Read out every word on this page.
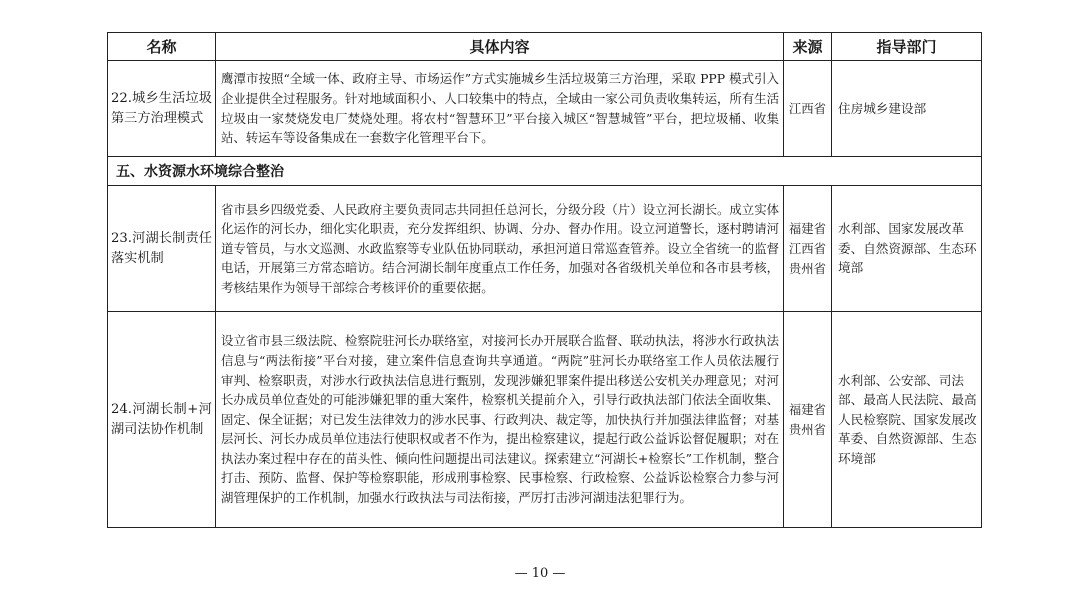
名称	具体内容	来源	指导部门
22.城乡生活垃圾第三方治理模式	鹰潭市按照“全域一体、政府主导、市场运作”方式实施城乡生活垃圾第三方治理，采取 PPP 模式引入企业提供全过程服务。针对地域面积小、人口较集中的特点，全域由一家公司负责收集转运，所有生活垃圾由一家焚烧发电厂焚烧处理。将农村“智慧环卫”平台接入城区“智慧城管”平台，把垃圾桶、收集站、转运车等设备集成在一套数字化管理平台下。	江西省	住房城乡建设部
五、水资源水环境综合整治			
23.河湖长制责任落实机制	省市县乡四级党委、人民政府主要负责同志共同担任总河长，分级分段（片）设立河长湖长。成立实体化运作的河长办，细化实化职责，充分发挥组织、协调、分办、督办作用。设立河道警长，逐村聘请河道专管员，与水文巡测、水政监察等专业队伍协同联动，承担河道日常巡查管养。设立全省统一的监督电话，开展第三方常态暗访。结合河湖长制年度重点工作任务，加强对各省级机关单位和各市县考核，考核结果作为领导干部综合考核评价的重要依据。	福建省江西省贵州省	水利部、国家发展改革委、自然资源部、生态环境部
24.河湖长制+河湖司法协作机制	设立省市县三级法院、检察院驻河长办联络室，对接河长办开展联合监督、联动执法，将涉水行政执法信息与“两法衔接”平台对接，建立案件信息查询共享通道。“两院”驻河长办联络室工作人员依法履行审判、检察职责，对涉水行政执法信息进行甄别，发现涉嫌犯罪案件提出移送公安机关办理意见；对河长办成员单位查处的可能涉嫌犯罪的重大案件，检察机关提前介入，引导行政执法部门依法全面收集、固定、保全证据；对已发生法律效力的涉水民事、行政判决、裁定等，加快执行并加强法律监督；对基层河长、河长办成员单位违法行使职权或者不作为，提出检察建议，提起行政公益诉讼督促履职；对在执法办案过程中存在的苗头性、倾向性问题提出司法建议。探索建立“河湖长+检察长”工作机制，整合打击、预防、监督、保护等检察职能，形成刑事检察、民事检察、行政检察、公益诉讼检察合力参与河湖管理保护的工作机制，加强水行政执法与司法衔接，严厉打击涉河湖违法犯罪行为。	福建省贵州省	水利部、公安部、司法部、最高人民法院、最高人民检察院、国家发展改革委、自然资源部、生态环境部
— 10 —
